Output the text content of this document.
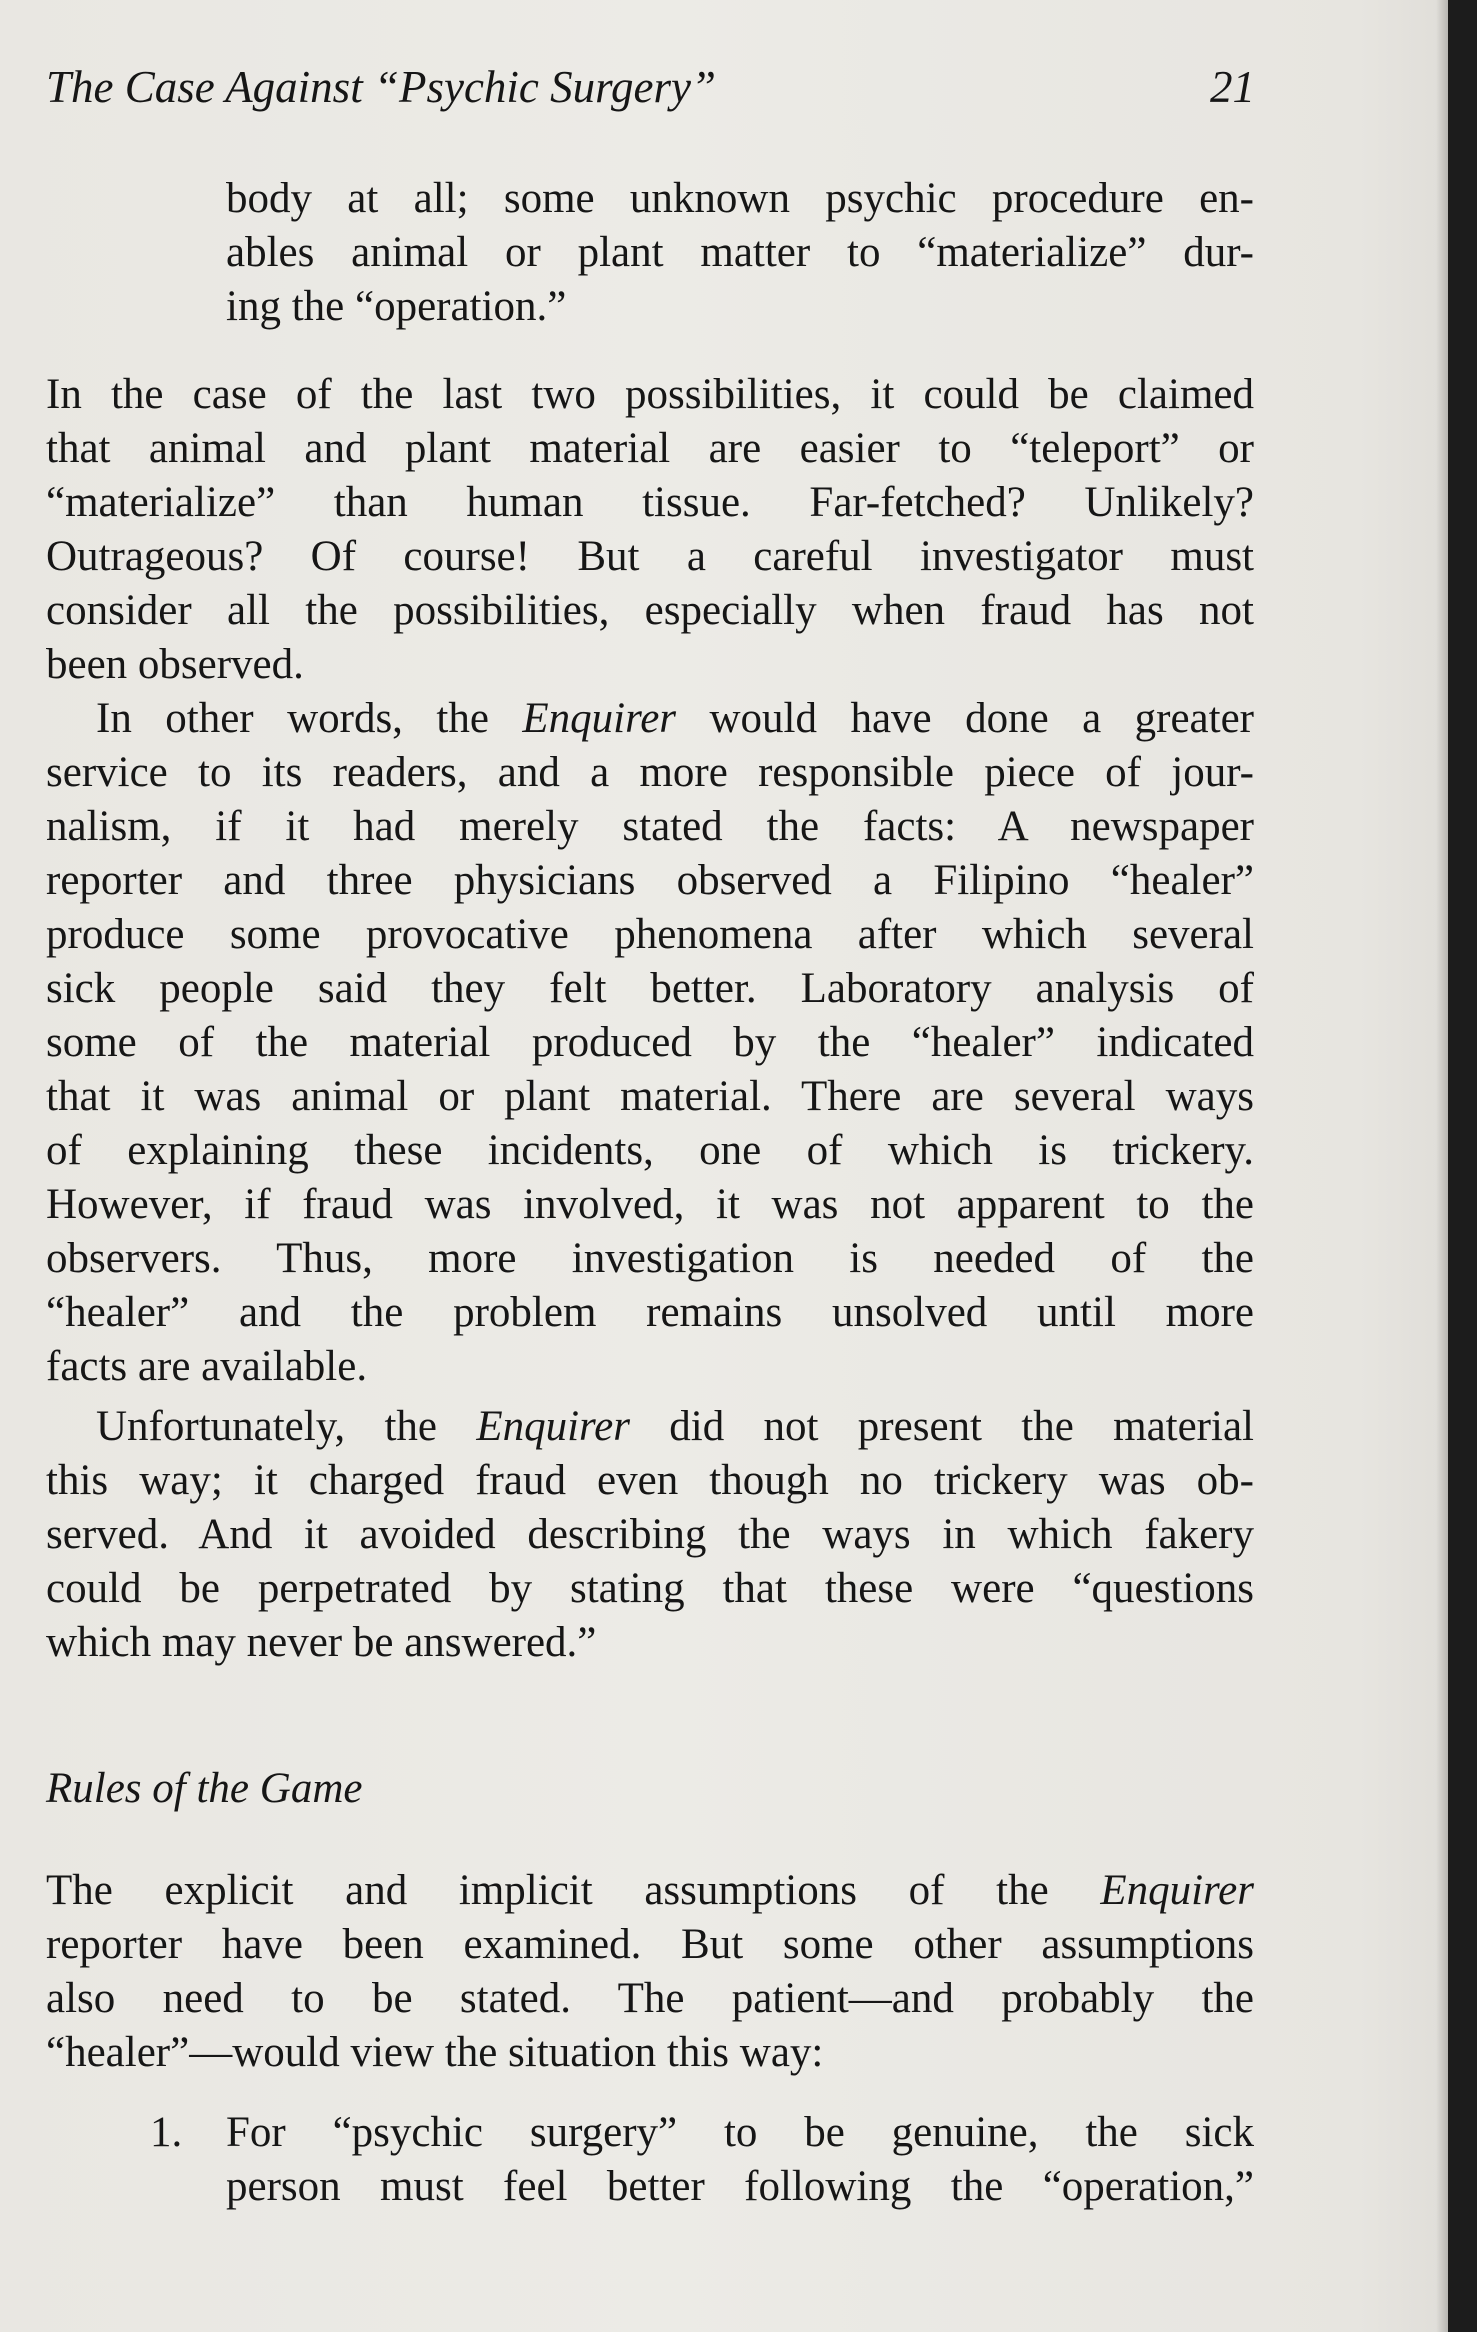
The Case Against “Psychic Surgery”	21
body at all; some unknown psychic procedure en-
ables animal or plant matter to “materialize” dur-
ing the “operation.”
In the case of the last two possibilities, it could be claimed
that animal and plant material are easier to “teleport” or
“materialize” than human tissue. Far-fetched? Unlikely?
Outrageous? Of course! But a careful investigator must
consider all the possibilities, especially when fraud has not
been observed.
In other words, the Enquirer would have done a greater
service to its readers, and a more responsible piece of jour-
nalism, if it had merely stated the facts: A newspaper
reporter and three physicians observed a Filipino “healer”
produce some provocative phenomena after which several
sick people said they felt better. Laboratory analysis of
some of the material produced by the “healer” indicated
that it was animal or plant material. There are several ways
of explaining these incidents, one of which is trickery.
However, if fraud was involved, it was not apparent to the
observers. Thus, more investigation is needed of the
“healer” and the problem remains unsolved until more
facts are available.
Unfortunately, the Enquirer did not present the material
this way; it charged fraud even though no trickery was ob-
served. And it avoided describing the ways in which fakery
could be perpetrated by stating that these were “questions
which may never be answered.”
Rules of the Game
The explicit and implicit assumptions of the Enquirer
reporter have been examined. But some other assumptions
also need to be stated. The patient—and probably the
“healer”—would view the situation this way:
1. For “psychic surgery” to be genuine, the sick
person must feel better following the “operation,”
